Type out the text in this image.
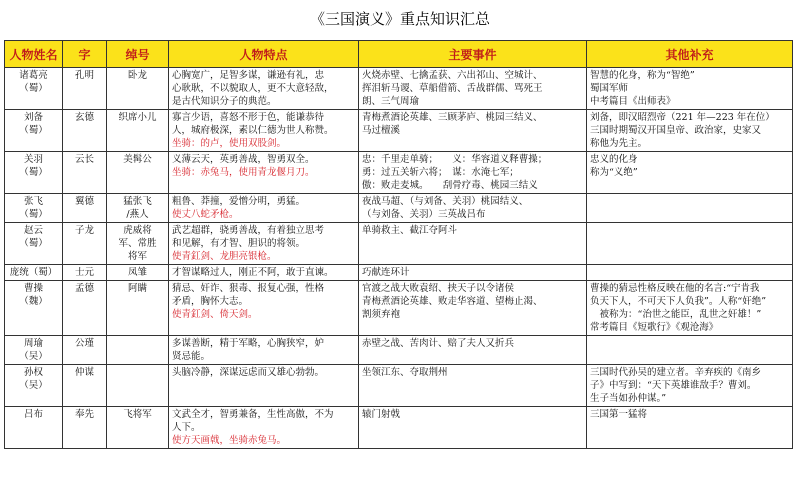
《三国演义》重点知识汇总
人物姓名	字	绰号	人物特点	主要事件	其他补充

诸葛亮
（蜀）	孔明	卧龙	心胸宽广，足智多谋，谦逊有礼，忠
心耿耿，不以貌取人，更不大意轻敌，
是古代知识分子的典范。	火烧赤壁、七擒孟获、六出祁山、空城计、
挥泪斩马谡、草船借箭、舌战群儒、骂死王
朗、三气周瑜	智慧的化身，称为“智绝”
蜀国军师
中考篇目《出师表》

刘备
（蜀）	玄德	织席小儿	寡言少语，喜怒不形于色，能谦恭待
人，城府极深，素以仁德为世人称赞。
坐骑：的卢，使用双股剑。	青梅煮酒论英雄、三顾茅庐、桃园三结义、
马过檀溪	刘备，即汉昭烈帝（221 年—223 年在位）
三国时期蜀汉开国皇帝、政治家，史家又
称他为先主。

关羽
（蜀）	云长	美髯公	义薄云天，英勇善战，智勇双全。
坐骑：赤兔马，使用青龙偃月刀。	忠：千里走单骑；　　义：华容道义释曹操；
勇：过五关斩六将；　谋：水淹七军；
傲：败走麦城。　　刮骨疗毒、桃园三结义	忠义的化身
称为“义绝”

张飞
（蜀）	翼德	猛张飞
/燕人	粗鲁、莽撞，爱憎分明，勇猛。
使丈八蛇矛枪。	夜战马超、（与刘备、关羽）桃园结义、
（与刘备、关羽）三英战吕布	

赵云
（蜀）	子龙	虎威将
军、常胜
将军	武艺超群，骁勇善战，有着独立思考
和见解，有才智、胆识的将领。
使青釭剑、龙胆亮银枪。	单骑救主、截江夺阿斗	

庞统（蜀）	士元	凤雏	才智谋略过人，刚正不阿，敢于直谏。	巧献连环计	

曹操
（魏）	孟德	阿瞒	猜忌、奸诈、狠毒、报复心强，性格
矛盾，胸怀大志。
使青釭剑、倚天剑。	官渡之战大败袁绍、挟天子以令诸侯
青梅煮酒论英雄、败走华容道、望梅止渴、
割须弃袍	曹操的猜忌性格反映在他的名言:“宁肯我
负天下人，不可天下人负我”。人称“奸绝”
　被称为：“治世之能臣，乱世之奸雄！”
常考篇目《短歌行》《观沧海》

周瑜
（吴）	公瑾		多谋善断，精于军略，心胸狭窄，妒
贤忌能。	赤壁之战、苦肉计、赔了夫人又折兵	

孙权
（吴）	仲谋		头脑冷静，深谋远虑而又雄心勃勃。	坐领江东、夺取荆州	三国时代孙吴的建立者。辛弃疾的《南乡
子》中写到：“天下英雄谁敌手？曹刘。
生子当如孙仲谋。”

吕布	奉先	飞将军	文武全才，智勇兼备，生性高傲，不为
人下。
使方天画戟，坐骑赤兔马。	辕门射戟	三国第一猛将
